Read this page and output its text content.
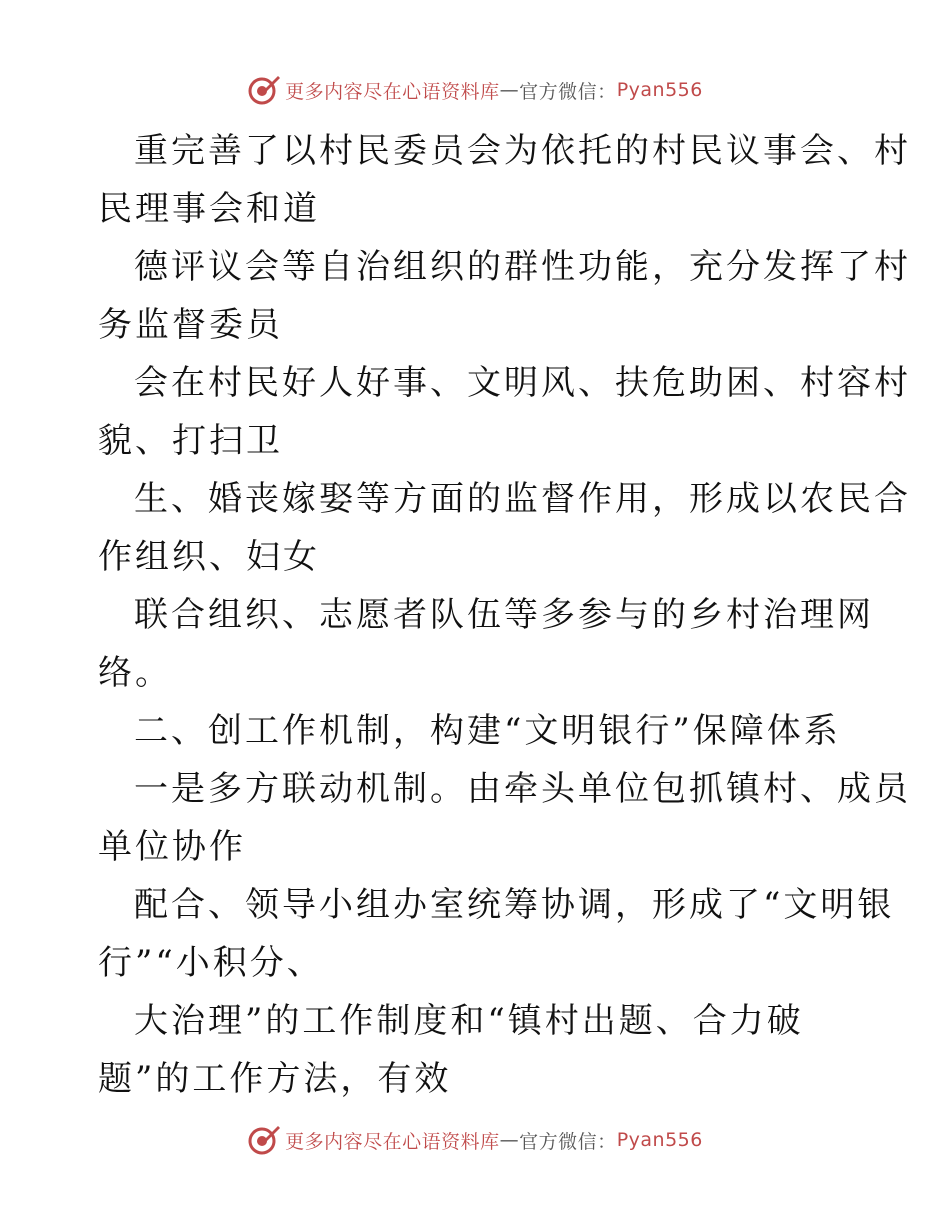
更多内容尽在心语资料库 — 官方微信： Pyan556
重完善了以村民委员会为依托的村民议事会、村
民理事会和道
德评议会等自治组织的群性功能，充分发挥了村
务监督委员
会在村民好人好事、文明风、扶危助困、村容村
貌、打扫卫
生、婚丧嫁娶等方面的监督作用，形成以农民合
作组织、妇女
联合组织、志愿者队伍等多参与的乡村治理网
络。
二、创工作机制，构建“文明银行”保障体系
一是多方联动机制。由牵头单位包抓镇村、成员
单位协作
配合、领导小组办室统筹协调，形成了“文明银
行”“小积分、
大治理”的工作制度和“镇村出题、合力破
题”的工作方法，有效
更多内容尽在心语资料库 — 官方微信： Pyan556
